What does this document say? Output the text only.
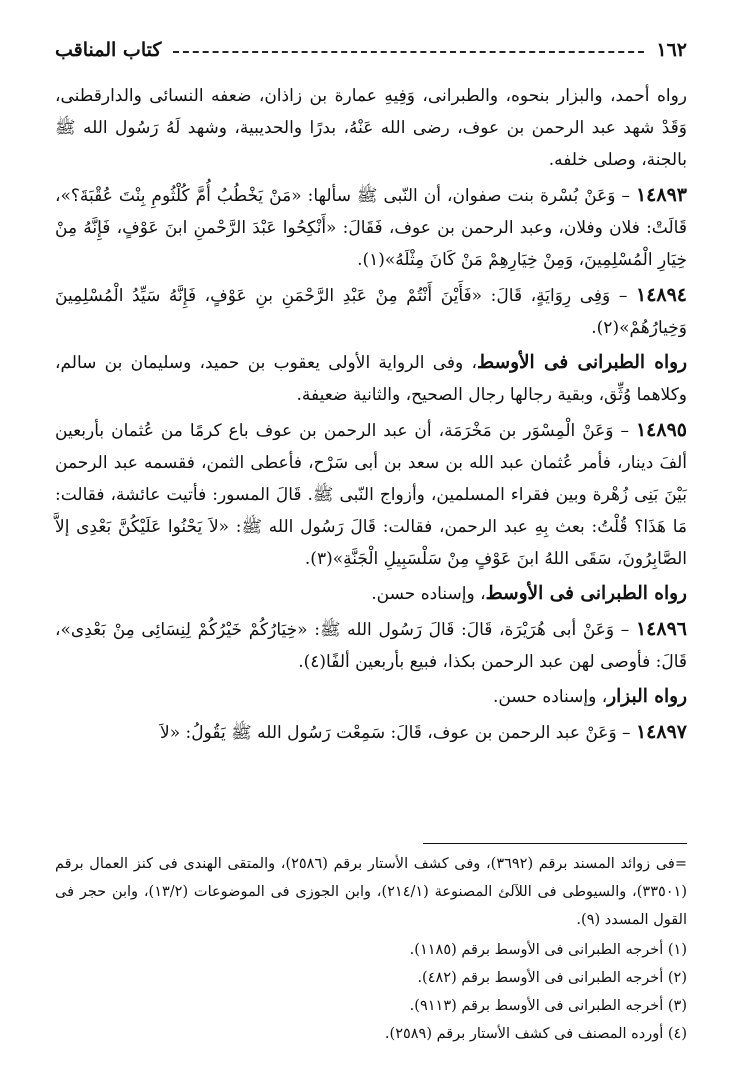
١٦٢
كتاب المناقب

رواه أحمد، والبزار بنحوه، والطبرانى، وَفِيهِ عمارة بن زاذان، ضعفه النسائى والدارقطنى، وَقَدْ شهد عبد الرحمن بن عوف، رضى الله عَنْهُ، بدرًا والحديبية، وشهد لَهُ رَسُول الله ﷺ بالجنة، وصلى خلفه.

١٤٨٩٣ – وَعَنْ بُسْرة بنت صفوان، أن النّبى ﷺ سألها: «مَنْ يَخْطُبُ أُمَّ كُلْثُومِ بِنْتَ عُقْبَةَ؟»، قَالَتْ: فلان وفلان، وعبد الرحمن بن عوف، فَقَالَ: «أَنْكِحُوا عَبْدَ الرَّحْمنِ ابنَ عَوْفٍ، فَإِنَّهُ مِنْ خِيَارِ الْمُسْلِمِينَ، وَمِنْ خِيَارِهِمْ مَنْ كَانَ مِثْلَهُ»(١).

١٤٨٩٤ – وَفِى رِوَايَةٍ، قَالَ: «فَأَيْنَ أَنْتُمْ مِنْ عَبْدِ الرَّحْمَنِ بنِ عَوْفٍ، فَإِنَّهُ سَيِّدُ الْمُسْلِمِينَ وَخِيارُهُمْ»(٢).

رواه الطبرانى فى الأوسط، وفى الرواية الأولى يعقوب بن حميد، وسليمان بن سالم، وكلاهما وُثِّق، وبقية رجالها رجال الصحيح، والثانية ضعيفة.

١٤٨٩٥ – وَعَنْ الْمِسْوَر بن مَخْرَمَة، أن عبد الرحمن بن عوف باع كرمًا من عُثمان بأربعين ألفَ دينار، فأمر عُثمان عبد الله بن سعد بن أبى سَرْح، فأعطى الثمن، فقسمه عبد الرحمن بَيْنَ بَنِى زُهْرة وبين فقراء المسلمين، وأزواج النّبى ﷺ. قَالَ المسور: فأتيت عائشة، فقالت: مَا هَذَا؟ قُلْتُ: بعث بِهِ عبد الرحمن، فقالت: قَالَ رَسُول الله ﷺ: «لاَ يَحْنُوا عَلَيْكُنَّ بَعْدِى إلاَّ الصَّابِرُونَ، سَقَى اللهُ ابنَ عَوْفٍ مِنْ سَلْسَبِيلِ الْجَنَّةِ»(٣).

رواه الطبرانى فى الأوسط، وإسناده حسن.

١٤٨٩٦ – وَعَنْ أبى هُرَيْرَة، قَالَ: قَالَ رَسُول الله ﷺ: «خِيَارُكُمْ خَيْرُكُمْ لِنِسَائِى مِنْ بَعْدِى»، قَالَ: فأوصى لهن عبد الرحمن بكذا، فبيع بأربعين ألفًا(٤).

رواه البزار، وإسناده حسن.

١٤٨٩٧ – وَعَنْ عبد الرحمن بن عوف، قَالَ: سَمِعْت رَسُول الله ﷺ يَقُولُ: «لاَ

=فى زوائد المسند برقم (٣٦٩٢)، وفى كشف الأستار برقم (٢٥٨٦)، والمتقى الهندى فى كنز العمال برقم (٣٣٥٠١)، والسيوطى فى اللآلئ المصنوعة (٢١٤/١)، وابن الجوزى فى الموضوعات (١٣/٢)، وابن حجر فى القول المسدد (٩).

(١) أخرجه الطبرانى فى الأوسط برقم (١١٨٥).

(٢) أخرجه الطبرانى فى الأوسط برقم (٤٨٢).

(٣) أخرجه الطبرانى فى الأوسط برقم (٩١١٣).

(٤) أورده المصنف فى كشف الأستار برقم (٢٥٨٩).
